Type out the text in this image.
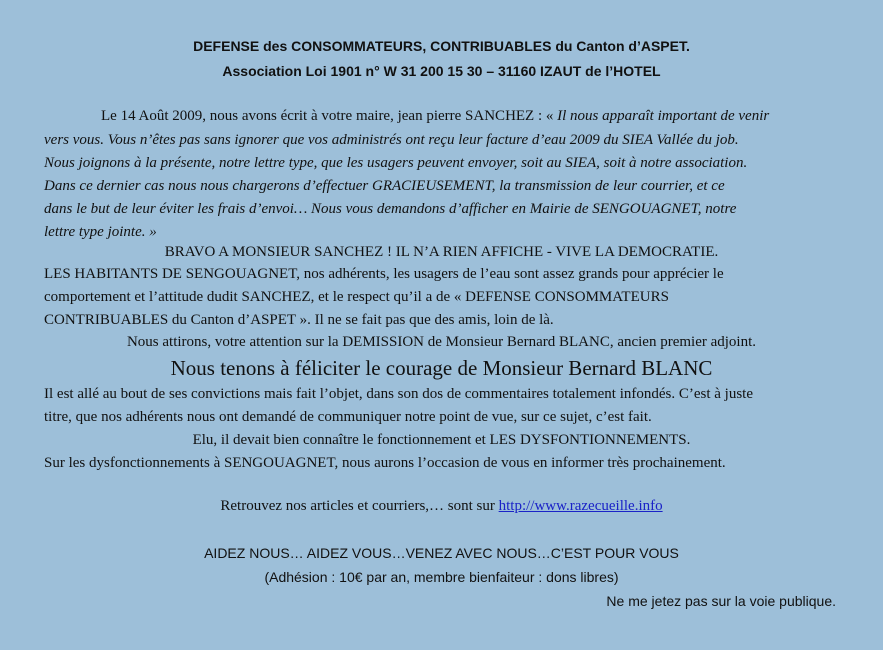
DEFENSE des CONSOMMATEURS, CONTRIBUABLES du Canton d’ASPET.
Association Loi 1901 n° W 31 200 15 30 – 31160 IZAUT de l’HOTEL
Le 14 Août 2009, nous avons écrit à votre maire, jean pierre SANCHEZ : « Il nous apparaît important de venir
vers vous. Vous n’êtes pas sans ignorer que vos administrés ont reçu leur facture d’eau 2009 du SIEA Vallée du job.
Nous joignons à la présente, notre lettre type, que les usagers peuvent envoyer, soit au SIEA, soit à notre association.
Dans ce dernier cas nous nous chargerons d’effectuer GRACIEUSEMENT, la transmission de leur courrier, et ce
dans le but de leur éviter les frais d’envoi… Nous vous demandons d’afficher en Mairie de SENGOUAGNET, notre
lettre type jointe. »
BRAVO A MONSIEUR SANCHEZ ! IL N’A RIEN AFFICHE - VIVE LA DEMOCRATIE.
LES HABITANTS DE SENGOUAGNET, nos adhérents, les usagers de l’eau sont assez grands pour apprécier le
comportement et l’attitude dudit SANCHEZ, et le respect qu’il a de « DEFENSE CONSOMMATEURS
CONTRIBUABLES du Canton d’ASPET ». Il ne se fait pas que des amis, loin de là.
Nous attirons, votre attention sur la DEMISSION de Monsieur Bernard BLANC, ancien premier adjoint.
Nous tenons à féliciter le courage de Monsieur Bernard BLANC
Il est allé au bout de ses convictions mais fait l’objet, dans son dos de commentaires totalement infondés. C’est à juste
titre, que nos adhérents nous ont demandé de communiquer notre point de vue, sur ce sujet, c’est fait.
Elu, il devait bien connaître le fonctionnement et LES DYSFONTIONNEMENTS.
Sur les dysfonctionnements à SENGOUAGNET, nous aurons l’occasion de vous en informer très prochainement.
Retrouvez nos articles et courriers,… sont sur http://www.razecueille.info
AIDEZ NOUS… AIDEZ VOUS…VENEZ AVEC NOUS…C’EST POUR VOUS
(Adhésion : 10€ par an, membre bienfaiteur : dons libres)
Ne me jetez pas sur la voie publique.
